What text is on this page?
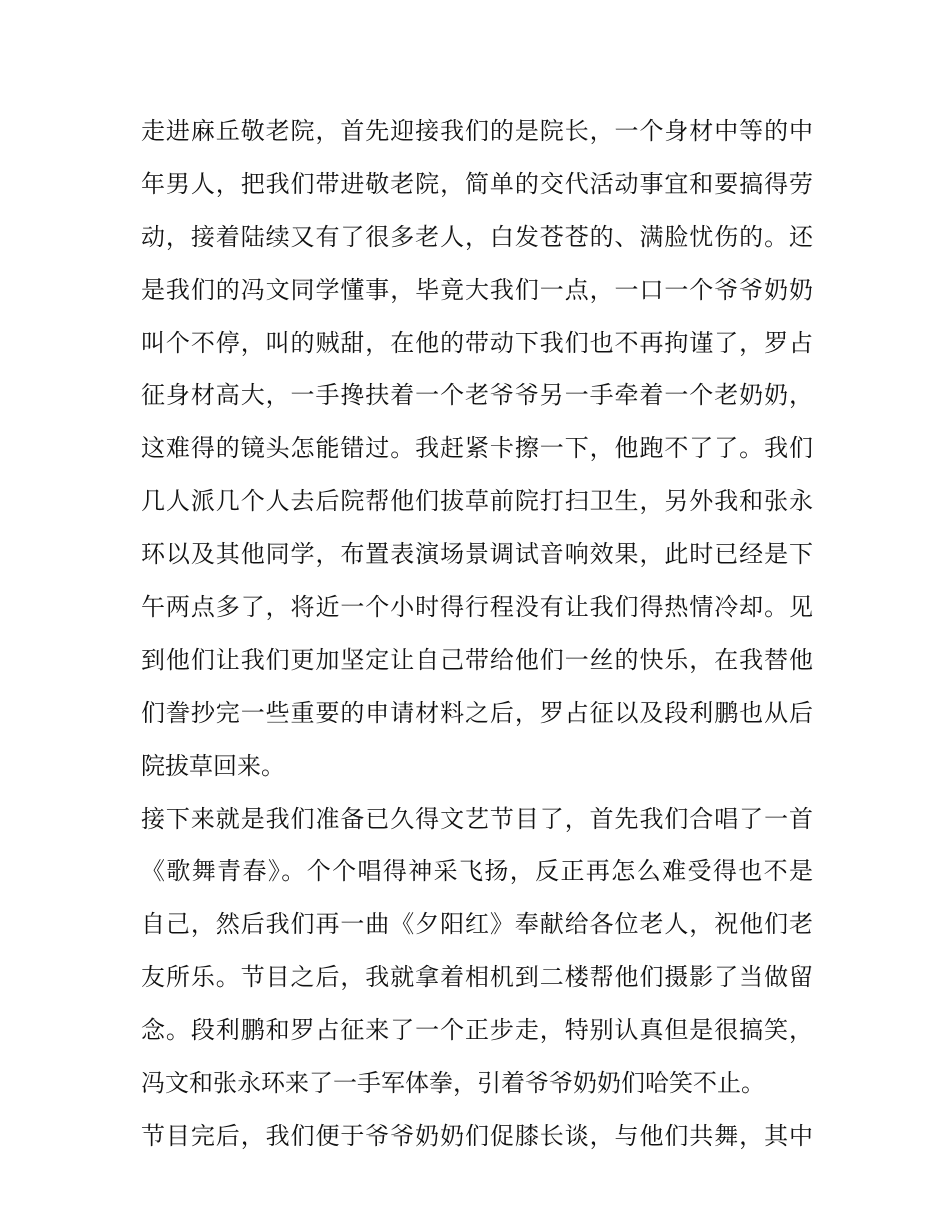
走进麻丘敬老院，首先迎接我们的是院长，一个身材中等的中
年男人，把我们带进敬老院，简单的交代活动事宜和要搞得劳
动，接着陆续又有了很多老人，白发苍苍的、满脸忧伤的。还
是我们的冯文同学懂事，毕竟大我们一点，一口一个爷爷奶奶
叫个不停，叫的贼甜，在他的带动下我们也不再拘谨了，罗占
征身材高大，一手搀扶着一个老爷爷另一手牵着一个老奶奶，
这难得的镜头怎能错过。我赶紧卡擦一下，他跑不了了。我们
几人派几个人去后院帮他们拔草前院打扫卫生，另外我和张永
环以及其他同学，布置表演场景调试音响效果，此时已经是下
午两点多了，将近一个小时得行程没有让我们得热情冷却。见
到他们让我们更加坚定让自己带给他们一丝的快乐，在我替他
们誊抄完一些重要的申请材料之后，罗占征以及段利鹏也从后
院拔草回来。
接下来就是我们准备已久得文艺节目了，首先我们合唱了一首
《歌舞青春》。个个唱得神采飞扬，反正再怎么难受得也不是
自己，然后我们再一曲《夕阳红》奉献给各位老人，祝他们老
友所乐。节目之后，我就拿着相机到二楼帮他们摄影了当做留
念。段利鹏和罗占征来了一个正步走，特别认真但是很搞笑，
冯文和张永环来了一手军体拳，引着爷爷奶奶们哈笑不止。
节目完后，我们便于爷爷奶奶们促膝长谈，与他们共舞，其中
